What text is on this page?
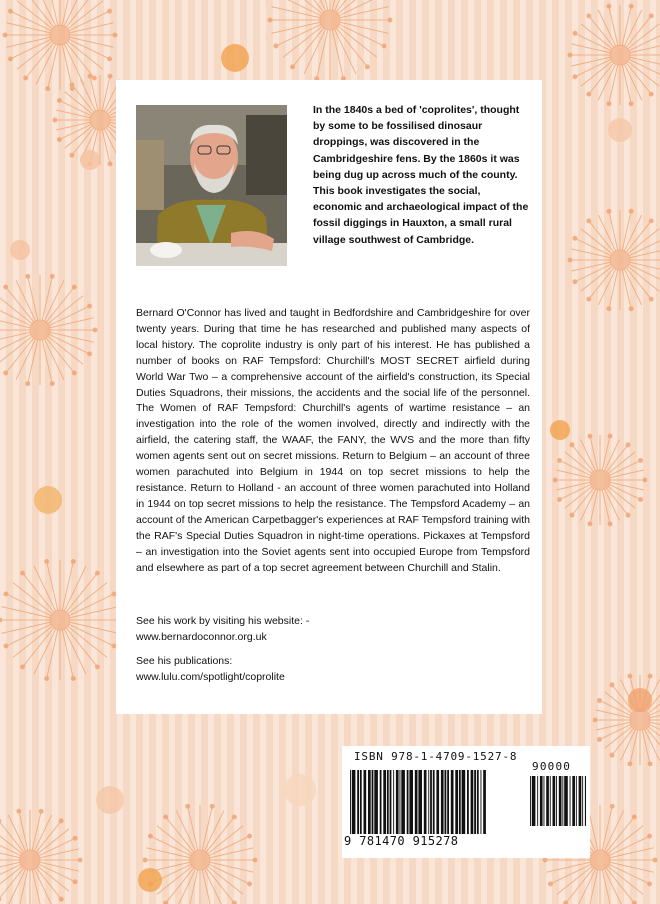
In the 1840s a bed of 'coprolites', thought by some to be fossilised dinosaur droppings, was discovered in the Cambridgeshire fens. By the 1860s it was being dug up across much of the county. This book investigates the social, economic and archaeological impact of the fossil diggings in Hauxton, a small rural village southwest of Cambridge.

Bernard O'Connor has lived and taught in Bedfordshire and Cambridgeshire for over twenty years. During that time he has researched and published many aspects of local history. The coprolite industry is only part of his interest. He has published a number of books on RAF Tempsford: Churchill's MOST SECRET airfield during World War Two – a comprehensive account of the airfield's construction, its Special Duties Squadrons, their missions, the accidents and the social life of the personnel. The Women of RAF Tempsford: Churchill's agents of wartime resistance – an investigation into the role of the women involved, directly and indirectly with the airfield, the catering staff, the WAAF, the FANY, the WVS and the more than fifty women agents sent out on secret missions. Return to Belgium – an account of three women parachuted into Belgium in 1944 on top secret missions to help the resistance. Return to Holland - an account of three women parachuted into Holland in 1944 on top secret missions to help the resistance. The Tempsford Academy – an account of the American Carpetbagger's experiences at RAF Tempsford training with the RAF's Special Duties Squadron in night-time operations. Pickaxes at Tempsford – an investigation into the Soviet agents sent into occupied Europe from Tempsford and elsewhere as part of a top secret agreement between Churchill and Stalin.

See his work by visiting his website: -

www.bernardoconnor.org.uk

See his publications:

www.lulu.com/spotlight/coprolite

ISBN 978-1-4709-1527-8

90000

9 781470 915278
